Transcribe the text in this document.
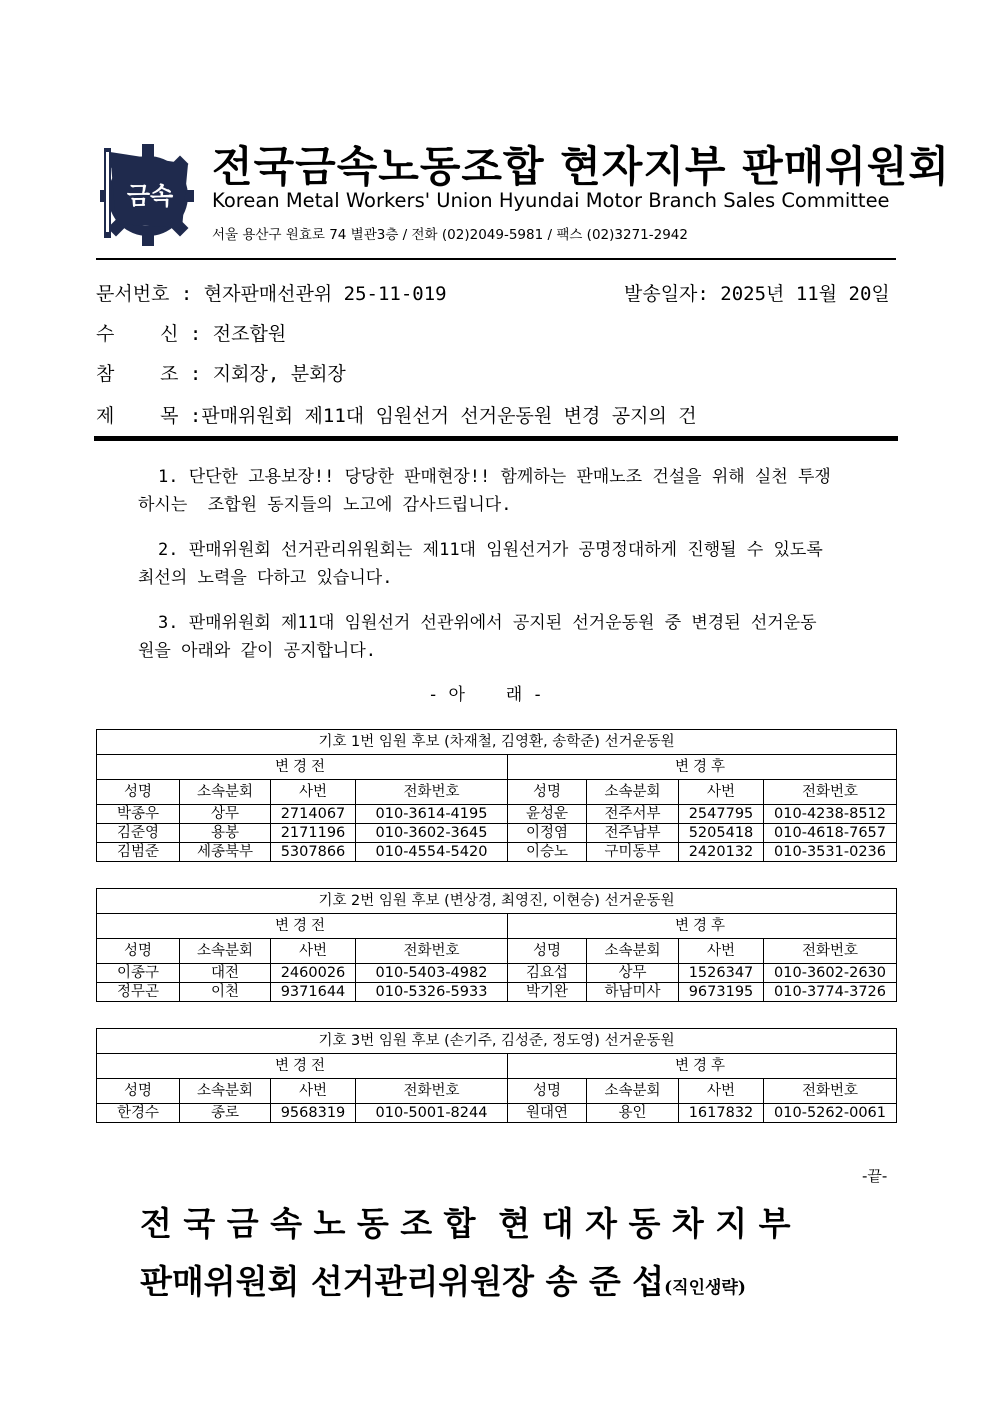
금속
전국금속노동조합 현자지부 판매위원회
Korean Metal Workers' Union Hyundai Motor Branch Sales Committee
서울 용산구 원효로 74 별관3층 / 전화 (02)2049-5981 / 팩스 (02)3271-2942
문서번호 : 현자판매선관위 25-11-019	발송일자: 2025년 11월 20일
수    신 : 전조합원
참    조 : 지회장, 분회장
제    목 :판매위원회 제11대 임원선거 선거운동원 변경 공지의 건
1. 단단한 고용보장!! 당당한 판매현장!! 함께하는 판매노조 건설을 위해 실천 투쟁
하시는  조합원 동지들의 노고에 감사드립니다.
2. 판매위원회 선거관리위원회는 제11대 임원선거가 공명정대하게 진행될 수 있도록
최선의 노력을 다하고 있습니다.
3. 판매위원회 제11대 임원선거 선관위에서 공지된 선거운동원 중 변경된 선거운동
원을 아래와 같이 공지합니다.
- 아    래 -
기호 1번 임원 후보 (차재철, 김영환, 송학준) 선거운동원							
변경전				변경후			
성명	소속분회	사번	전화번호	성명	소속분회	사번	전화번호
박종우	상무	2714067	010-3614-4195	윤성운	전주서부	2547795	010-4238-8512
김준영	용봉	2171196	010-3602-3645	이정염	전주남부	5205418	010-4618-7657
김범준	세종북부	5307866	010-4554-5420	이승노	구미동부	2420132	010-3531-0236
기호 2번 임원 후보 (변상경, 최영진, 이현승) 선거운동원							
변경전				변경후			
성명	소속분회	사번	전화번호	성명	소속분회	사번	전화번호
이종구	대전	2460026	010-5403-4982	김요섭	상무	1526347	010-3602-2630
정무곤	이천	9371644	010-5326-5933	박기완	하남미사	9673195	010-3774-3726
기호 3번 임원 후보 (손기주, 김성준, 정도영) 선거운동원							
변경전				변경후			
성명	소속분회	사번	전화번호	성명	소속분회	사번	전화번호
한경수	종로	9568319	010-5001-8244	원대연	용인	1617832	010-5262-0061
-끝-
전 국 금 속 노 동 조 합  현 대 자 동 차 지 부
판매위원회 선거관리위원장 송 준 섭(직인생략)
